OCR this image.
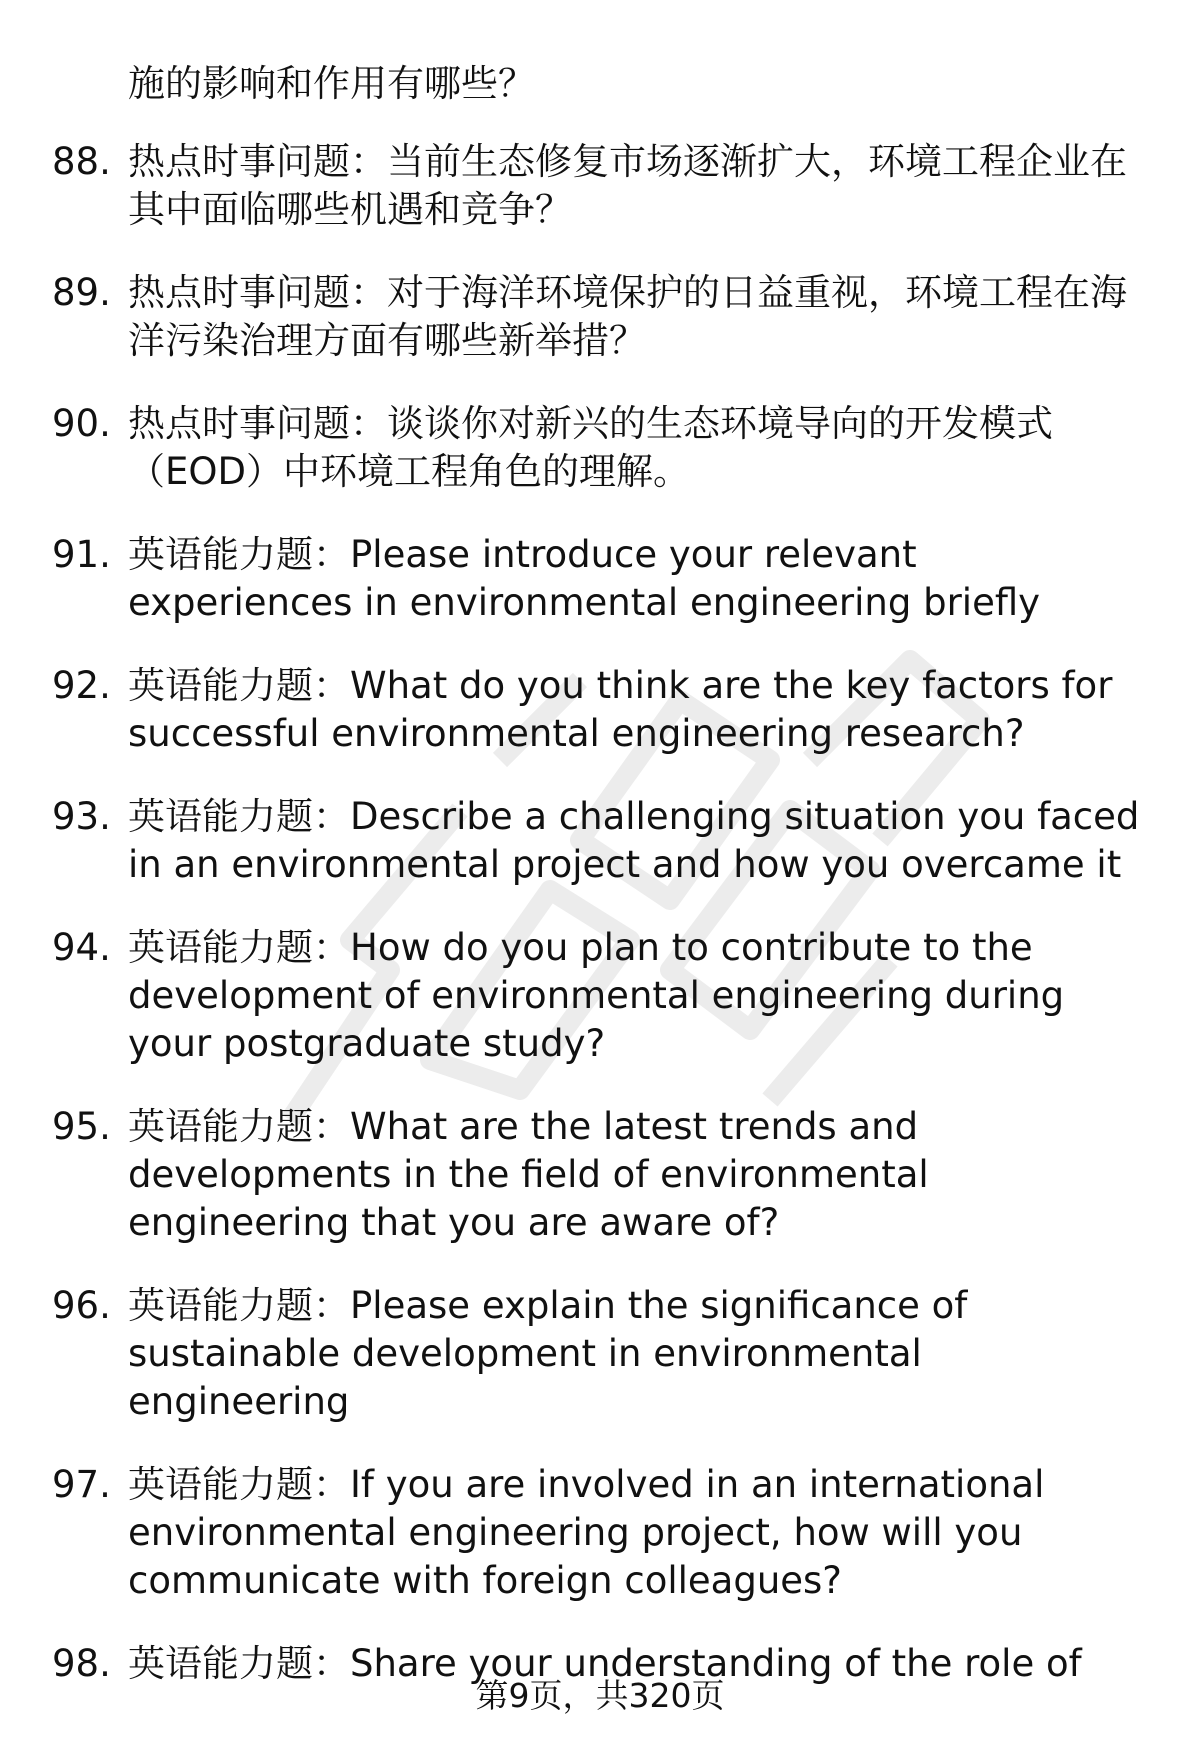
施的影响和作用有哪些？
88. 热点时事问题：当前生态修复市场逐渐扩大，环境工程企业在其中面临哪些机遇和竞争？
89. 热点时事问题：对于海洋环境保护的日益重视，环境工程在海洋污染治理方面有哪些新举措？
90. 热点时事问题：谈谈你对新兴的生态环境导向的开发模式（EOD）中环境工程角色的理解。
91. 英语能力题：Please introduce your relevant experiences in environmental engineering briefly
92. 英语能力题：What do you think are the key factors for successful environmental engineering research?
93. 英语能力题：Describe a challenging situation you faced in an environmental project and how you overcame it
94. 英语能力题：How do you plan to contribute to the development of environmental engineering during your postgraduate study?
95. 英语能力题：What are the latest trends and developments in the field of environmental engineering that you are aware of?
96. 英语能力题：Please explain the significance of sustainable development in environmental engineering
97. 英语能力题：If you are involved in an international environmental engineering project, how will you communicate with foreign colleagues?
98. 英语能力题：Share your understanding of the role of
第9页，共320页
